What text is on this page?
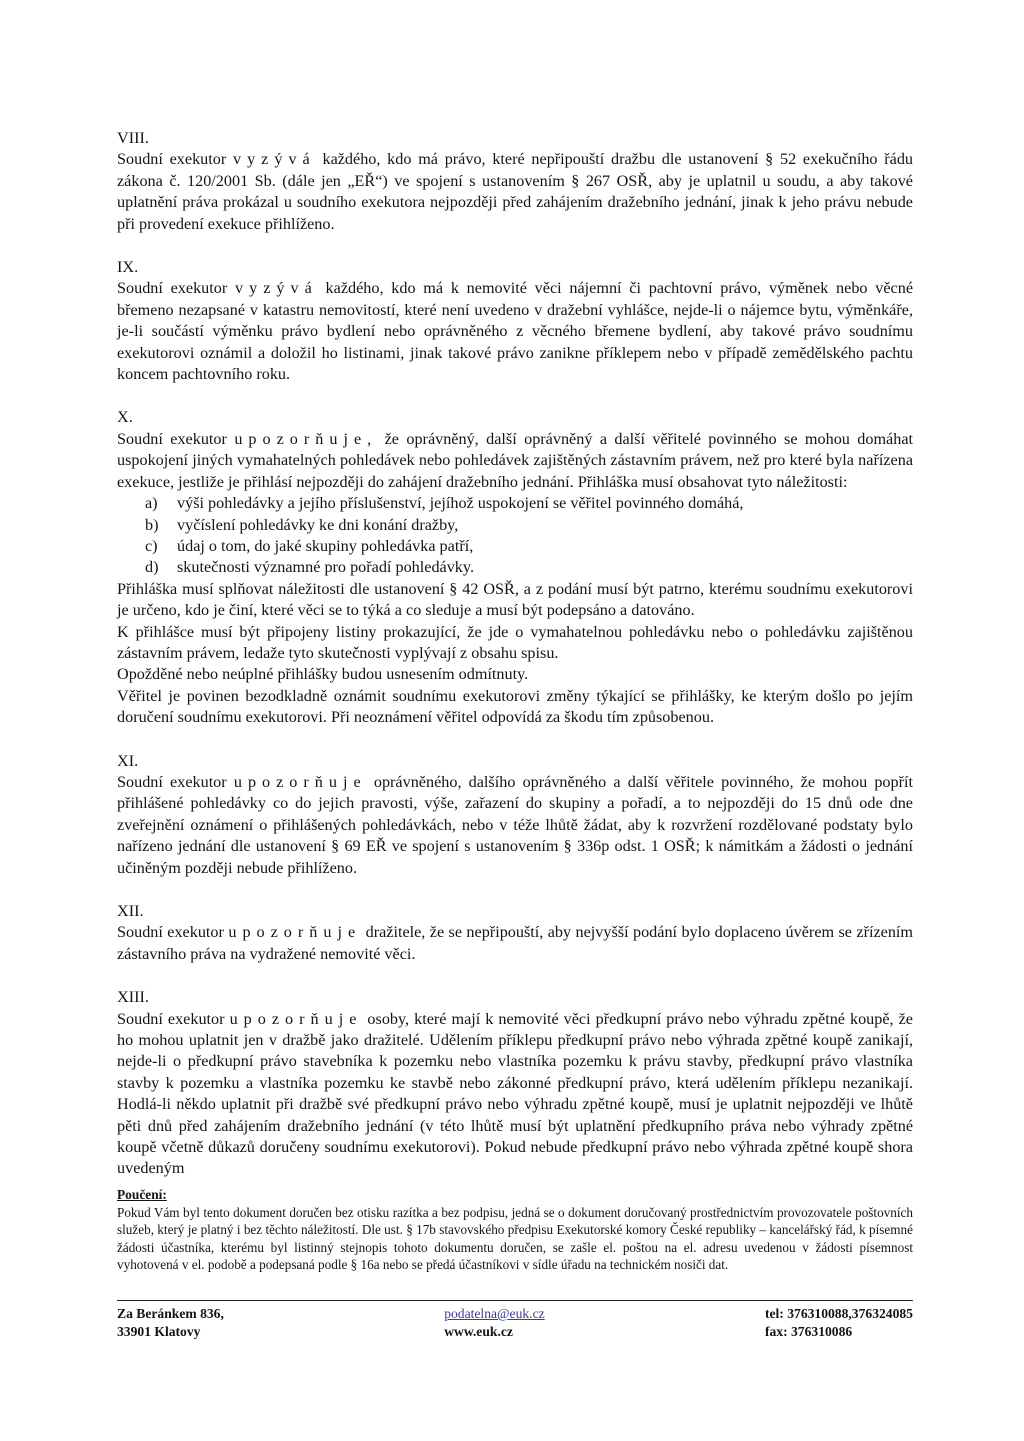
VIII.

Soudní exekutor vyzývá každého, kdo má právo, které nepřipouští dražbu dle ustanovení § 52 exekučního řádu zákona č. 120/2001 Sb. (dále jen „EŘ“) ve spojení s ustanovením § 267 OSŘ, aby je uplatnil u soudu, a aby takové uplatnění práva prokázal u soudního exekutora nejpozději před zahájením dražebního jednání, jinak k jeho právu nebude při provedení exekuce přihlíženo.

IX.

Soudní exekutor vyzývá každého, kdo má k nemovité věci nájemní či pachtovní právo, výměnek nebo věcné břemeno nezapsané v katastru nemovitostí, které není uvedeno v dražební vyhlášce, nejde-li o nájemce bytu, výměnkáře, je-li součástí výměnku právo bydlení nebo oprávněného z věcného břemene bydlení, aby takové právo soudnímu exekutorovi oznámil a doložil ho listinami, jinak takové právo zanikne příklepem nebo v případě zemědělského pachtu koncem pachtovního roku.

X.

Soudní exekutor upozorňuje, že oprávněný, další oprávněný a další věřitelé povinného se mohou domáhat uspokojení jiných vymahatelných pohledávek nebo pohledávek zajištěných zástavním právem, než pro které byla nařízena exekuce, jestliže je přihlásí nejpozději do zahájení dražebního jednání. Přihláška musí obsahovat tyto náležitosti:

a)	výši pohledávky a jejího příslušenství, jejíhož uspokojení se věřitel povinného domáhá,
b)	vyčíslení pohledávky ke dni konání dražby,
c)	údaj o tom, do jaké skupiny pohledávka patří,
d)	skutečnosti významné pro pořadí pohledávky.

Přihláška musí splňovat náležitosti dle ustanovení § 42 OSŘ, a z podání musí být patrno, kterému soudnímu exekutorovi je určeno, kdo je činí, které věci se to týká a co sleduje a musí být podepsáno a datováno.

K přihlášce musí být připojeny listiny prokazující, že jde o vymahatelnou pohledávku nebo o pohledávku zajištěnou zástavním právem, ledaže tyto skutečnosti vyplývají z obsahu spisu.

Opožděné nebo neúplné přihlášky budou usnesením odmítnuty.

Věřitel je povinen bezodkladně oznámit soudnímu exekutorovi změny týkající se přihlášky, ke kterým došlo po jejím doručení soudnímu exekutorovi. Při neoznámení věřitel odpovídá za škodu tím způsobenou.

XI.

Soudní exekutor upozorňuje oprávněného, dalšího oprávněného a další věřitele povinného, že mohou popřít přihlášené pohledávky co do jejich pravosti, výše, zařazení do skupiny a pořadí, a to nejpozději do 15 dnů ode dne zveřejnění oznámení o přihlášených pohledávkách, nebo v téže lhůtě žádat, aby k rozvržení rozdělované podstaty bylo nařízeno jednání dle ustanovení § 69 EŘ ve spojení s ustanovením § 336p odst. 1 OSŘ; k námitkám a žádosti o jednání učiněným později nebude přihlíženo.

XII.

Soudní exekutor upozorňuje dražitele, že se nepřipouští, aby nejvyšší podání bylo doplaceno úvěrem se zřízením zástavního práva na vydražené nemovité věci.

XIII.

Soudní exekutor upozorňuje osoby, které mají k nemovité věci předkupní právo nebo výhradu zpětné koupě, že ho mohou uplatnit jen v dražbě jako dražitelé. Udělením příklepu předkupní právo nebo výhrada zpětné koupě zanikají, nejde-li o předkupní právo stavebníka k pozemku nebo vlastníka pozemku k právu stavby, předkupní právo vlastníka stavby k pozemku a vlastníka pozemku ke stavbě nebo zákonné předkupní právo, která udělením příklepu nezanikají. Hodlá-li někdo uplatnit při dražbě své předkupní právo nebo výhradu zpětné koupě, musí je uplatnit nejpozději ve lhůtě pěti dnů před zahájením dražebního jednání (v této lhůtě musí být uplatnění předkupního práva nebo výhrady zpětné koupě včetně důkazů doručeny soudnímu exekutorovi). Pokud nebude předkupní právo nebo výhrada zpětné koupě shora uvedeným

Poučení:

Pokud Vám byl tento dokument doručen bez otisku razítka a bez podpisu, jedná se o dokument doručovaný prostřednictvím provozovatele poštovních služeb, který je platný i bez těchto náležitostí. Dle ust. § 17b stavovského předpisu Exekutorské komory České republiky – kancelářský řád, k písemné žádosti účastníka, kterému byl listinný stejnopis tohoto dokumentu doručen, se zašle el. poštou na el. adresu uvedenou v žádosti písemnost vyhotovená v el. podobě a podepsaná podle § 16a nebo se předá účastníkovi v sídle úřadu na technickém nosiči dat.

Za Beránkem 836,
33901 Klatovy
podatelna@euk.cz
www.euk.cz
tel: 376310088,376324085
fax: 376310086
